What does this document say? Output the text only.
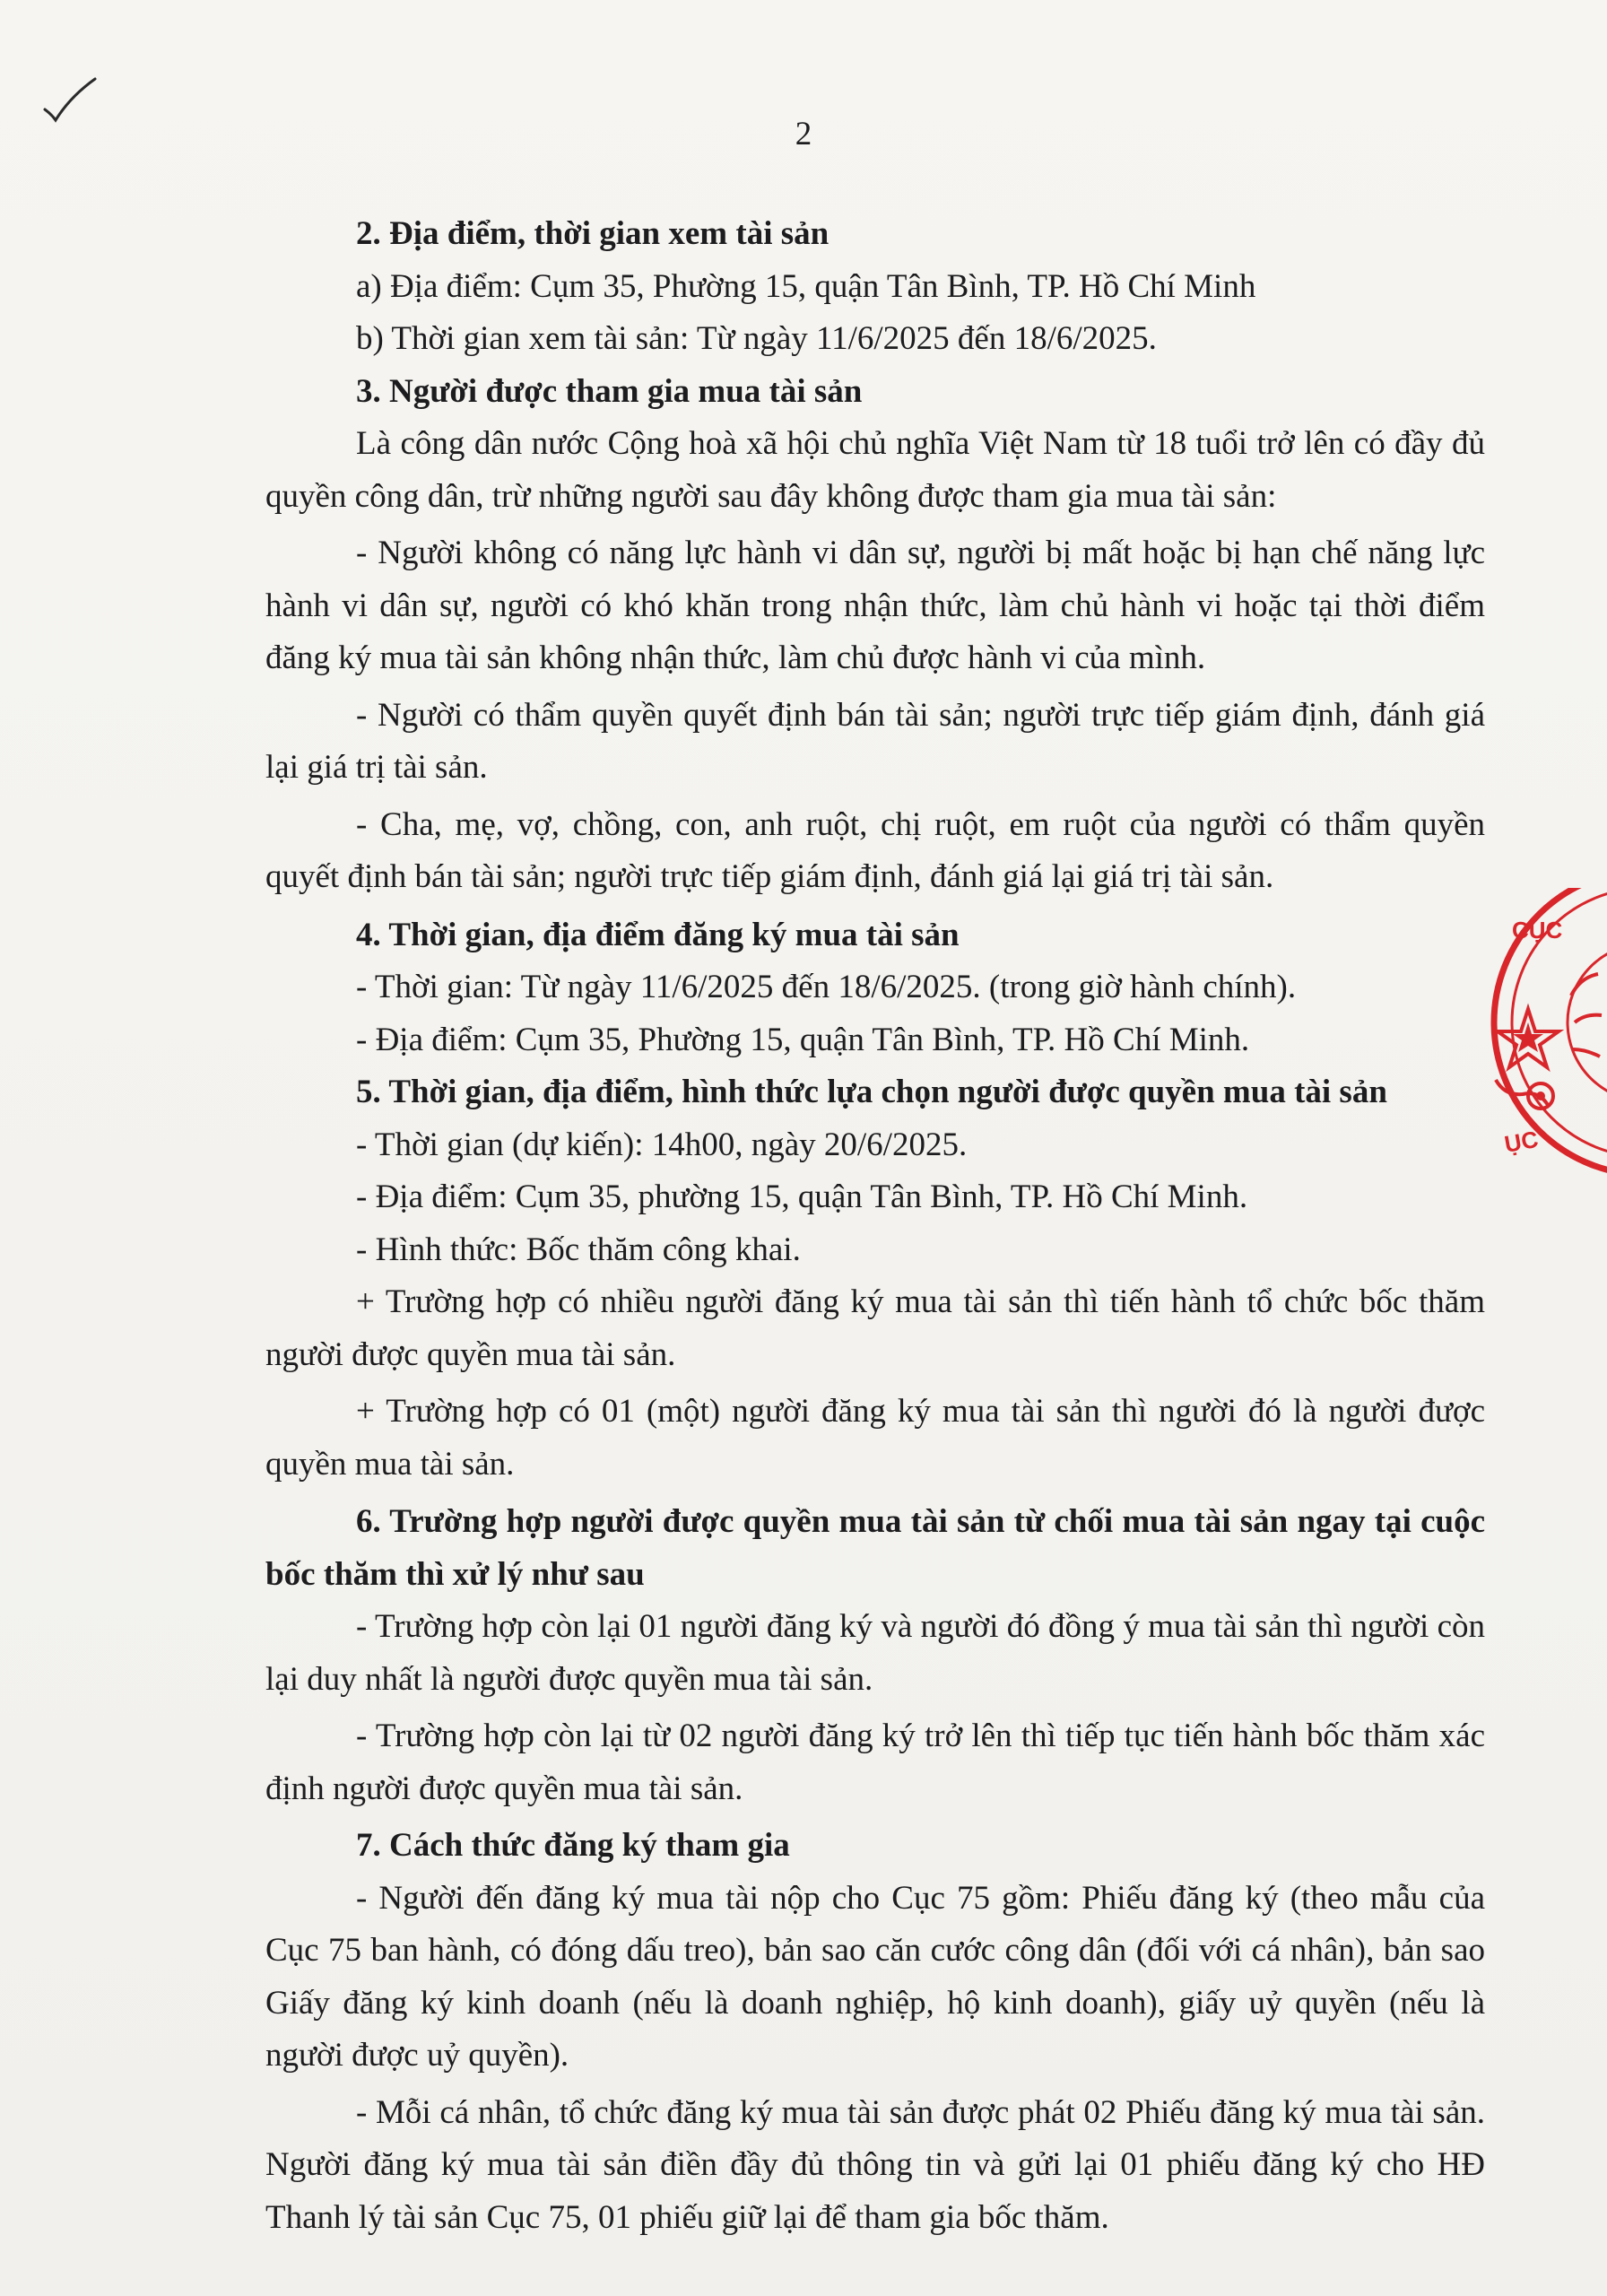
2

2. Địa điểm, thời gian xem tài sản

a) Địa điểm: Cụm 35, Phường 15, quận Tân Bình, TP. Hồ Chí Minh

b) Thời gian xem tài sản: Từ ngày 11/6/2025 đến 18/6/2025.

3. Người được tham gia mua tài sản

Là công dân nước Cộng hoà xã hội chủ nghĩa Việt Nam từ 18 tuổi trở lên có đầy đủ quyền công dân, trừ những người sau đây không được tham gia mua tài sản:

- Người không có năng lực hành vi dân sự, người bị mất hoặc bị hạn chế năng lực hành vi dân sự, người có khó khăn trong nhận thức, làm chủ hành vi hoặc tại thời điểm đăng ký mua tài sản không nhận thức, làm chủ được hành vi của mình.

- Người có thẩm quyền quyết định bán tài sản; người trực tiếp giám định, đánh giá lại giá trị tài sản.

- Cha, mẹ, vợ, chồng, con, anh ruột, chị ruột, em ruột của người có thẩm quyền quyết định bán tài sản; người trực tiếp giám định, đánh giá lại giá trị tài sản.

4. Thời gian, địa điểm đăng ký mua tài sản

- Thời gian: Từ ngày 11/6/2025 đến 18/6/2025. (trong giờ hành chính).

- Địa điểm: Cụm 35, Phường 15, quận Tân Bình, TP. Hồ Chí Minh.

5. Thời gian, địa điểm, hình thức lựa chọn người được quyền mua tài sản

- Thời gian (dự kiến): 14h00, ngày 20/6/2025.

- Địa điểm: Cụm 35, phường 15, quận Tân Bình, TP. Hồ Chí Minh.

- Hình thức: Bốc thăm công khai.

+ Trường hợp có nhiều người đăng ký mua tài sản thì tiến hành tổ chức bốc thăm người được quyền mua tài sản.

+ Trường hợp có 01 (một) người đăng ký mua tài sản thì người đó là người được quyền mua tài sản.

6. Trường hợp người được quyền mua tài sản từ chối mua tài sản ngay tại cuộc bốc thăm thì xử lý như sau

- Trường hợp còn lại 01 người đăng ký và người đó đồng ý mua tài sản thì người còn lại duy nhất là người được quyền mua tài sản.

- Trường hợp còn lại từ 02 người đăng ký trở lên thì tiếp tục tiến hành bốc thăm xác định người được quyền mua tài sản.

7. Cách thức đăng ký tham gia

- Người đến đăng ký mua tài nộp cho Cục 75 gồm: Phiếu đăng ký (theo mẫu của Cục 75 ban hành, có đóng dấu treo), bản sao căn cước công dân (đối với cá nhân), bản sao Giấy đăng ký kinh doanh (nếu là doanh nghiệp, hộ kinh doanh), giấy uỷ quyền (nếu là người được uỷ quyền).

- Mỗi cá nhân, tổ chức đăng ký mua tài sản được phát 02 Phiếu đăng ký mua tài sản. Người đăng ký mua tài sản điền đầy đủ thông tin và gửi lại 01 phiếu đăng ký cho HĐ Thanh lý tài sản Cục 75, 01 phiếu giữ lại để tham gia bốc thăm.

CỤC
ỤC
